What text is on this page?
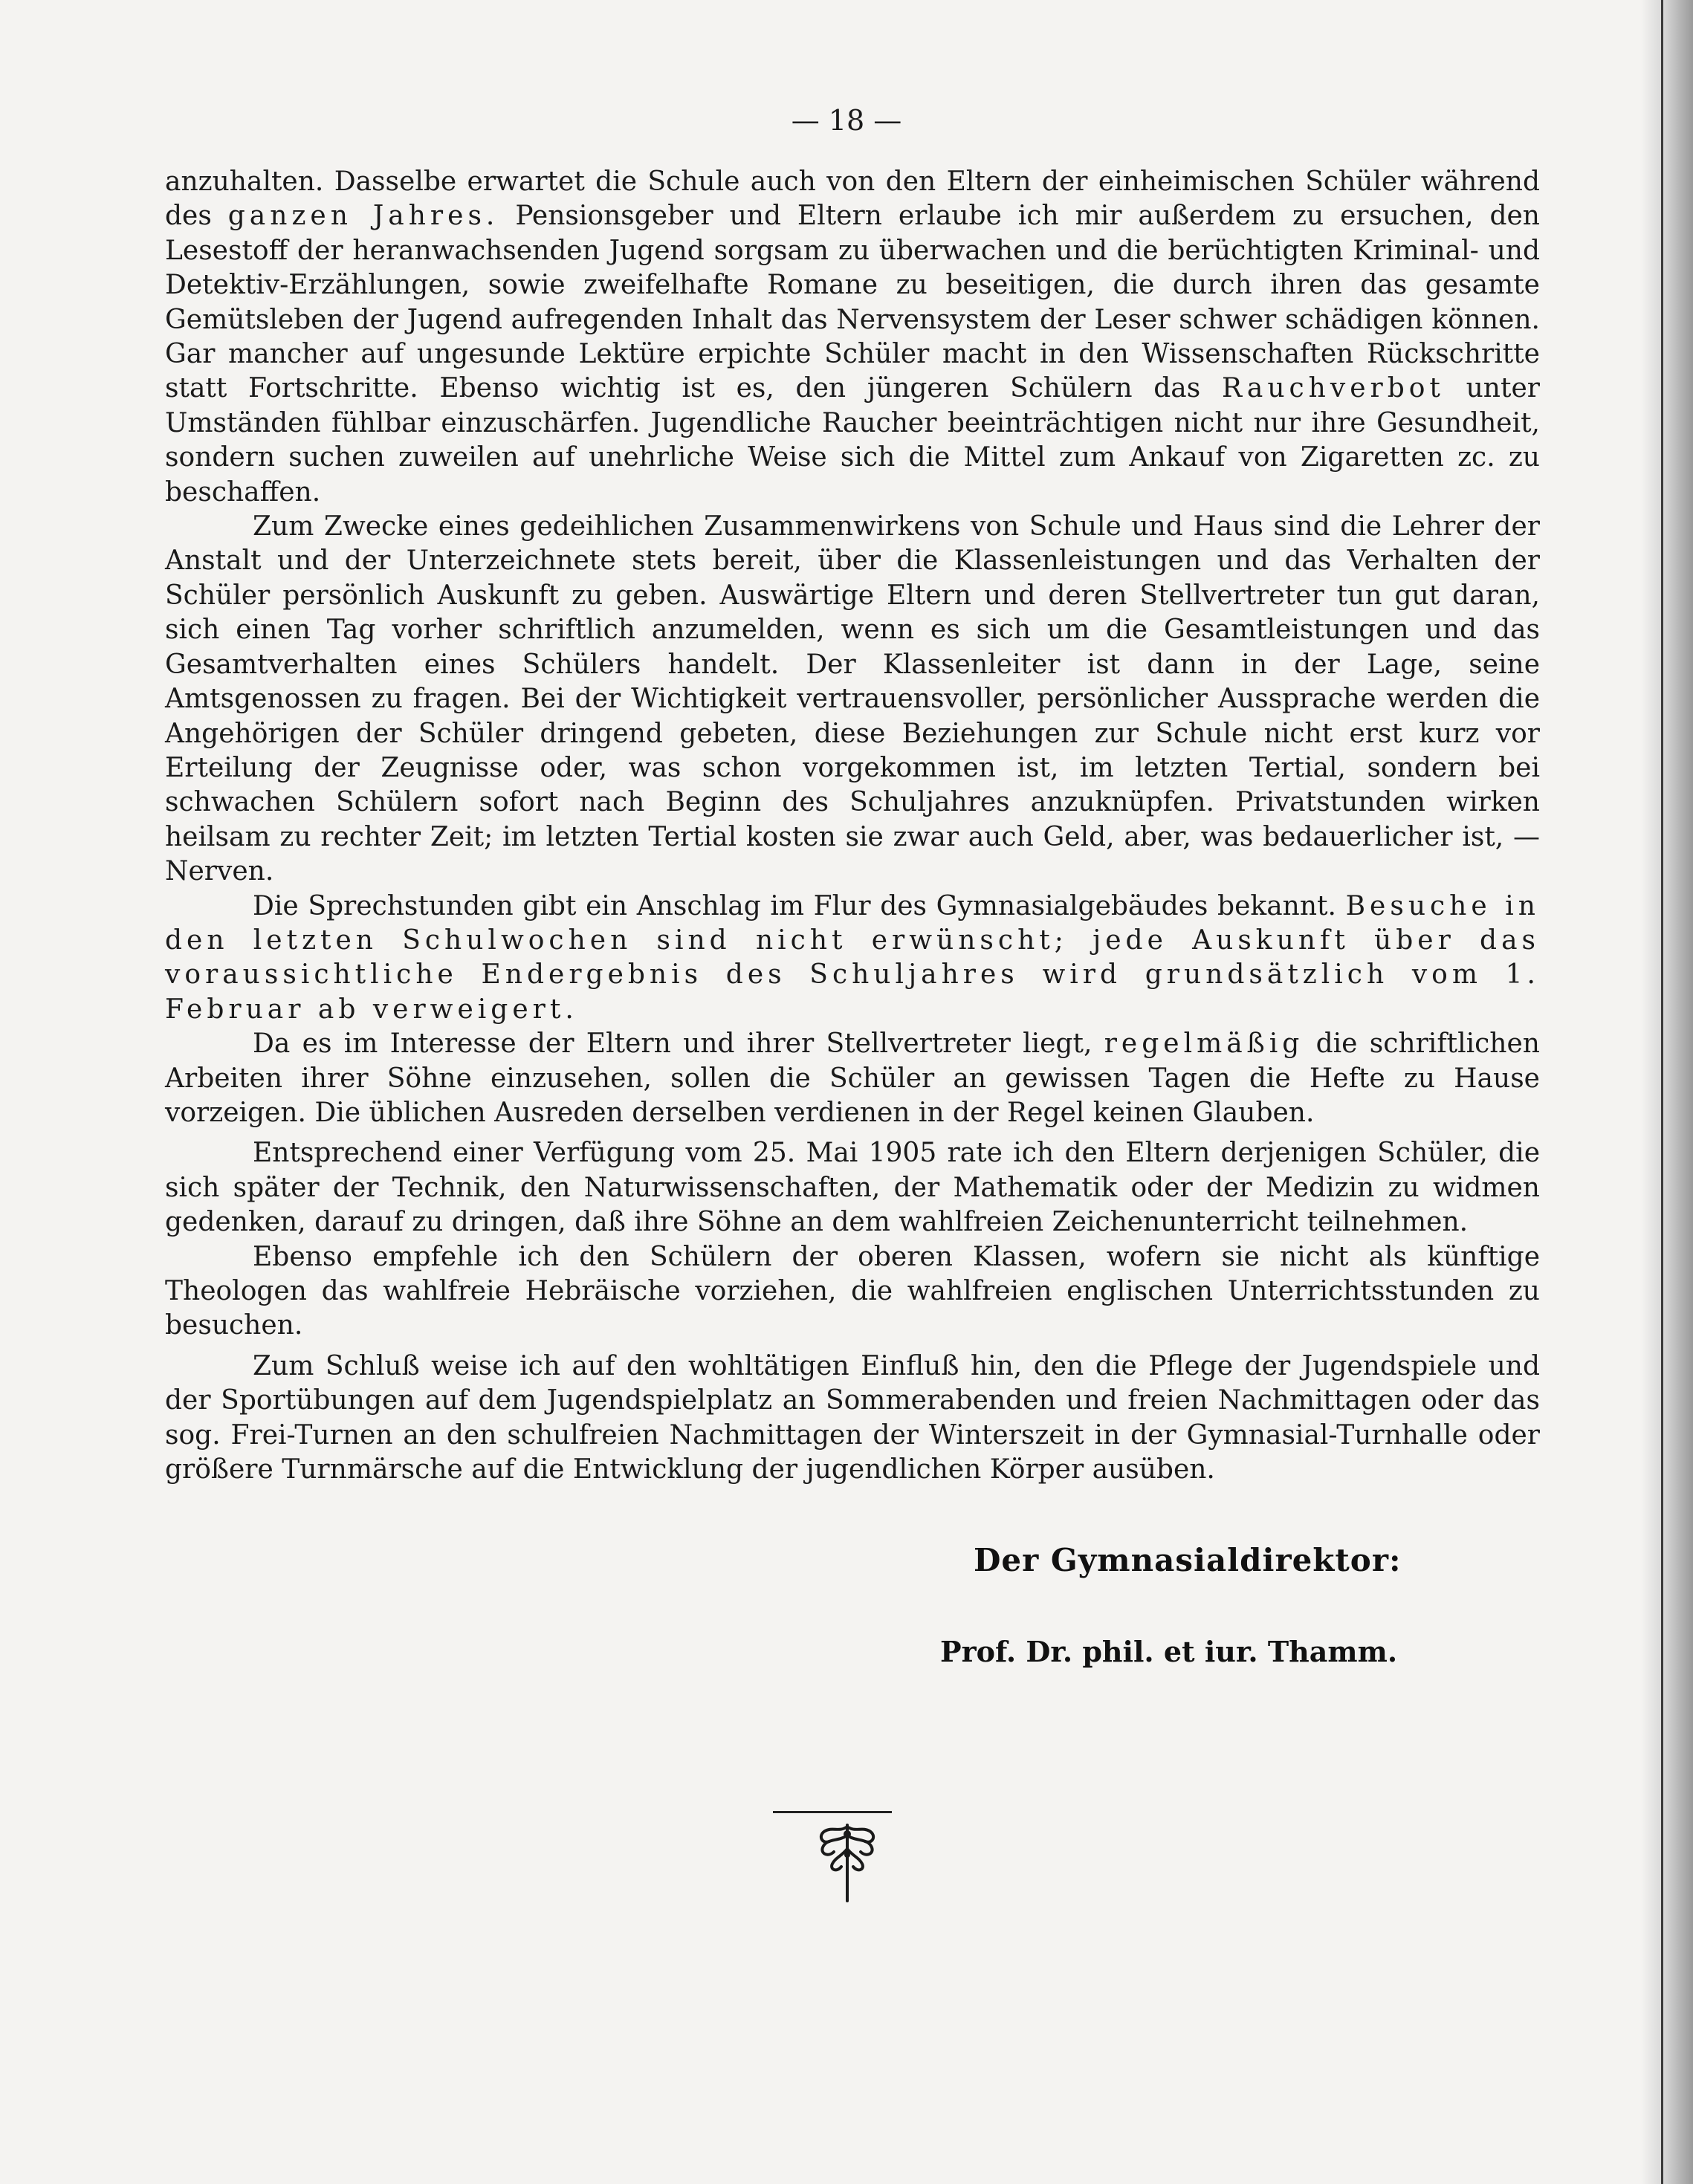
— 18 —

anzuhalten. Dasselbe erwartet die Schule auch von den Eltern der einheimischen Schüler während des ganzen Jahres. Pensionsgeber und Eltern erlaube ich mir außerdem zu ersuchen, den Lesestoff der heranwachsenden Jugend sorgsam zu überwachen und die berüchtigten Kriminal- und Detektiv-Erzählungen, sowie zweifelhafte Romane zu beseitigen, die durch ihren das gesamte Gemütsleben der Jugend aufregenden Inhalt das Nervensystem der Leser schwer schädigen können. Gar mancher auf ungesunde Lektüre erpichte Schüler macht in den Wissenschaften Rückschritte statt Fortschritte. Ebenso wichtig ist es, den jüngeren Schülern das Rauchverbot unter Umständen fühlbar einzuschärfen. Jugendliche Raucher beeinträchtigen nicht nur ihre Gesundheit, sondern suchen zuweilen auf unehrliche Weise sich die Mittel zum Ankauf von Zigaretten zc. zu beschaffen.

Zum Zwecke eines gedeihlichen Zusammenwirkens von Schule und Haus sind die Lehrer der Anstalt und der Unterzeichnete stets bereit, über die Klassenleistungen und das Verhalten der Schüler persönlich Auskunft zu geben. Auswärtige Eltern und deren Stellvertreter tun gut daran, sich einen Tag vorher schriftlich anzumelden, wenn es sich um die Gesamtleistungen und das Gesamtverhalten eines Schülers handelt. Der Klassenleiter ist dann in der Lage, seine Amtsgenossen zu fragen. Bei der Wichtigkeit vertrauensvoller, persönlicher Aussprache werden die Angehörigen der Schüler dringend gebeten, diese Beziehungen zur Schule nicht erst kurz vor Erteilung der Zeugnisse oder, was schon vorgekommen ist, im letzten Tertial, sondern bei schwachen Schülern sofort nach Beginn des Schuljahres anzuknüpfen. Privatstunden wirken heilsam zu rechter Zeit; im letzten Tertial kosten sie zwar auch Geld, aber, was bedauerlicher ist, — Nerven.

Die Sprechstunden gibt ein Anschlag im Flur des Gymnasialgebäudes bekannt. Besuche in den letzten Schulwochen sind nicht erwünscht; jede Auskunft über das voraussichtliche Endergebnis des Schuljahres wird grundsätzlich vom 1. Februar ab verweigert.

Da es im Interesse der Eltern und ihrer Stellvertreter liegt, regelmäßig die schriftlichen Arbeiten ihrer Söhne einzusehen, sollen die Schüler an gewissen Tagen die Hefte zu Hause vorzeigen. Die üblichen Ausreden derselben verdienen in der Regel keinen Glauben.

Entsprechend einer Verfügung vom 25. Mai 1905 rate ich den Eltern derjenigen Schüler, die sich später der Technik, den Naturwissenschaften, der Mathematik oder der Medizin zu widmen gedenken, darauf zu dringen, daß ihre Söhne an dem wahlfreien Zeichenunterricht teilnehmen.

Ebenso empfehle ich den Schülern der oberen Klassen, wofern sie nicht als künftige Theologen das wahlfreie Hebräische vorziehen, die wahlfreien englischen Unterrichtsstunden zu besuchen.

Zum Schluß weise ich auf den wohltätigen Einfluß hin, den die Pflege der Jugendspiele und der Sportübungen auf dem Jugendspielplatz an Sommerabenden und freien Nachmittagen oder das sog. Frei-Turnen an den schulfreien Nachmittagen der Winterszeit in der Gymnasial-Turnhalle oder größere Turnmärsche auf die Entwicklung der jugendlichen Körper ausüben.

Der Gymnasialdirektor:
Prof. Dr. phil. et iur. Thamm.
